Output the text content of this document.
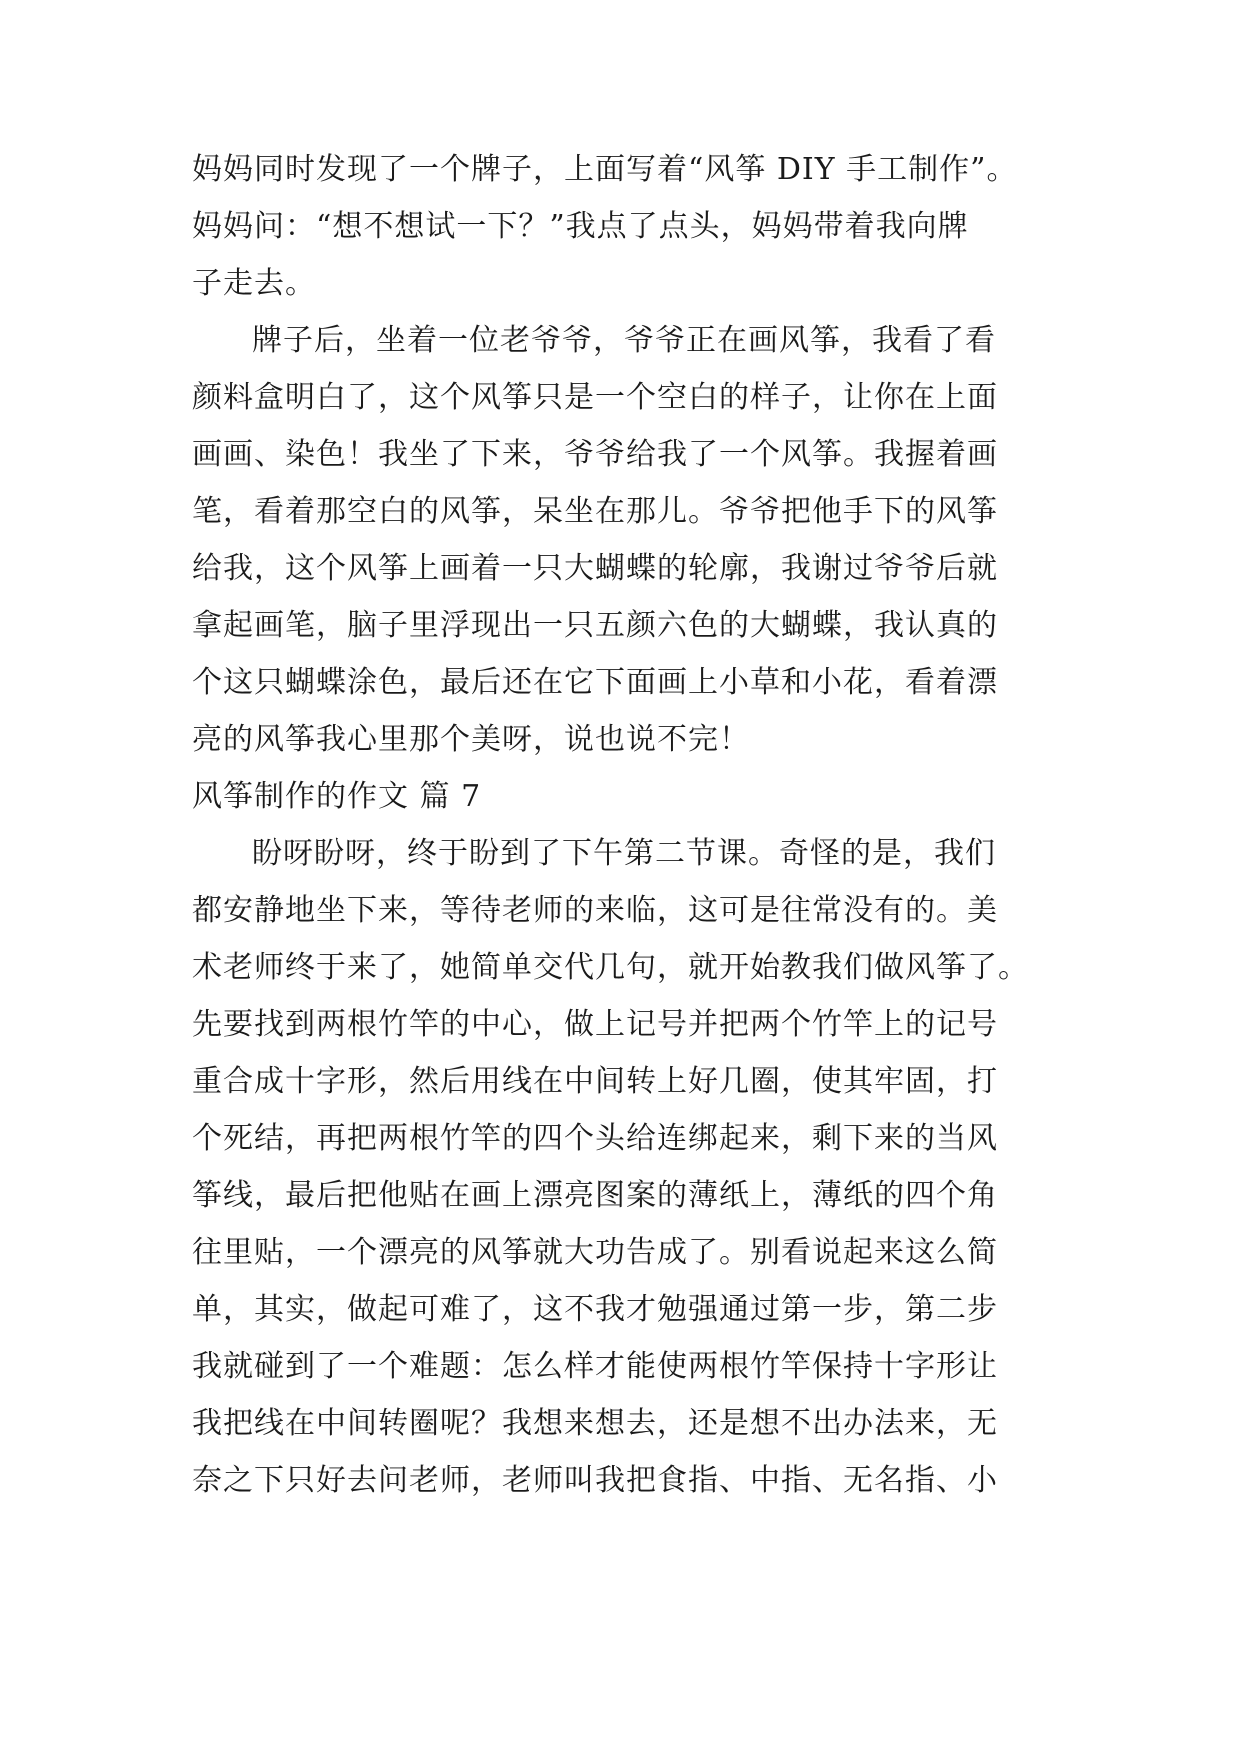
妈妈同时发现了一个牌子，上面写着“风筝 DIY 手工制作”。
妈妈问：“想不想试一下？”我点了点头，妈妈带着我向牌
子走去。
牌子后，坐着一位老爷爷，爷爷正在画风筝，我看了看
颜料盒明白了，这个风筝只是一个空白的样子，让你在上面
画画、染色！我坐了下来，爷爷给我了一个风筝。我握着画
笔，看着那空白的风筝，呆坐在那儿。爷爷把他手下的风筝
给我，这个风筝上画着一只大蝴蝶的轮廓，我谢过爷爷后就
拿起画笔，脑子里浮现出一只五颜六色的大蝴蝶，我认真的
个这只蝴蝶涂色，最后还在它下面画上小草和小花，看着漂
亮的风筝我心里那个美呀，说也说不完！
风筝制作的作文 篇 7
盼呀盼呀，终于盼到了下午第二节课。奇怪的是，我们
都安静地坐下来，等待老师的来临，这可是往常没有的。美
术老师终于来了，她简单交代几句，就开始教我们做风筝了。
先要找到两根竹竿的中心，做上记号并把两个竹竿上的记号
重合成十字形，然后用线在中间转上好几圈，使其牢固，打
个死结，再把两根竹竿的四个头给连绑起来，剩下来的当风
筝线，最后把他贴在画上漂亮图案的薄纸上，薄纸的四个角
往里贴，一个漂亮的风筝就大功告成了。别看说起来这么简
单，其实，做起可难了，这不我才勉强通过第一步，第二步
我就碰到了一个难题：怎么样才能使两根竹竿保持十字形让
我把线在中间转圈呢？我想来想去，还是想不出办法来，无
奈之下只好去问老师，老师叫我把食指、中指、无名指、小
